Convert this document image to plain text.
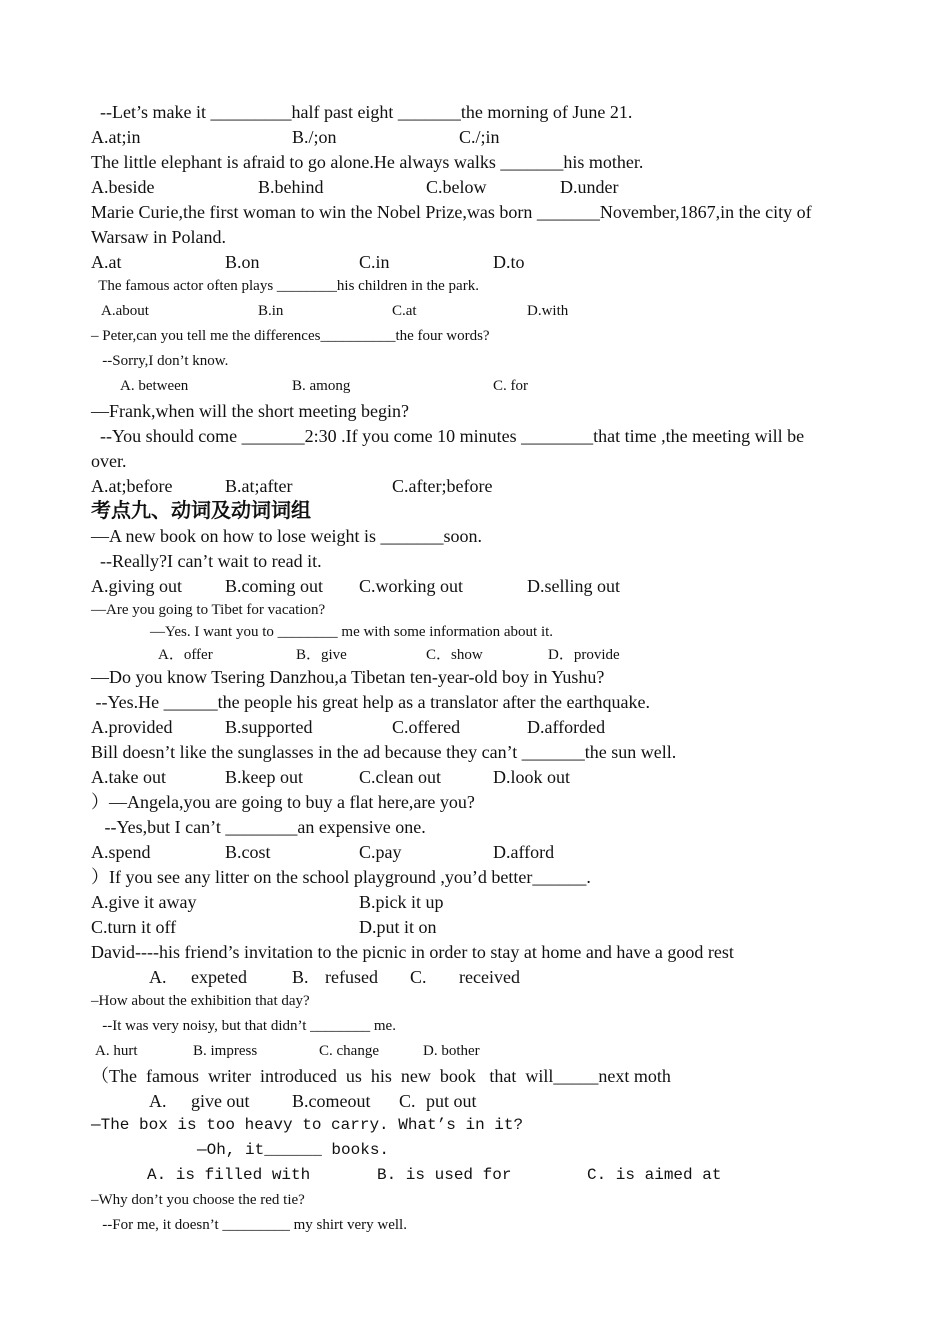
--Let’s make it _________half past eight _______the morning of June 21.
A.at;in	B./;on	C./;in
The little elephant is afraid to go alone.He always walks _______his mother.
A.beside	B.behind	C.below	D.under
Marie Curie,the first woman to win the Nobel Prize,was born _______November,1867,in the city of
Warsaw in Poland.
A.at	B.on	C.in	D.to
The famous actor often plays ________his children in the park.
A.about	B.in	C.at	D.with
– Peter,can you tell me the differences__________the four words?
--Sorry,I don’t know.
A. between	B. among	C. for
—Frank,when will the short meeting begin?
--You should come _______2:30 .If you come 10 minutes ________that time ,the meeting will be
over.
A.at;before	B.at;after	C.after;before
考点九、动词及动词词组
—A new book on how to lose weight is _______soon.
--Really?I can’t wait to read it.
A.giving out B.coming out C.working out	D.selling out
—Are you going to Tibet for vacation?
—Yes. I want you to ________ me with some information about it.
A．offer	B．give	C．show	D．provide
—Do you know Tsering Danzhou,a Tibetan ten-year-old boy in Yushu?
--Yes.He ______the people his great help as a translator after the earthquake.
A.provided	B.supported	C.offered	D.afforded
Bill doesn’t like the sunglasses in the ad because they can’t _______the sun well.
A.take out	B.keep out	C.clean out	D.look out
）—Angela,you are going to buy a flat here,are you?
--Yes,but I can’t ________an expensive one.
A.spend	B.cost	C.pay	D.afford
）If you see any litter on the school playground ,you’d better______.
A.give it away	B.pick it up
C.turn it off	D.put it on
David----his friend’s invitation to the picnic in order to stay at home and have a good rest
A. expeted	B. refused C. received
–How about the exhibition that day?
--It was very noisy, but that didn’t ________ me.
A. hurt	B. impress	C. change	D. bother
（The  famous  writer  introduced  us  his  new  book   that  will_____next moth
A. give out B.comeout C. put out
—The box is too heavy to carry. What’s in it?
—Oh, it______ books.
A. is filled with	B. is used for	C. is aimed at
–Why don’t you choose the red tie?
--For me, it doesn’t _________ my shirt very well.
